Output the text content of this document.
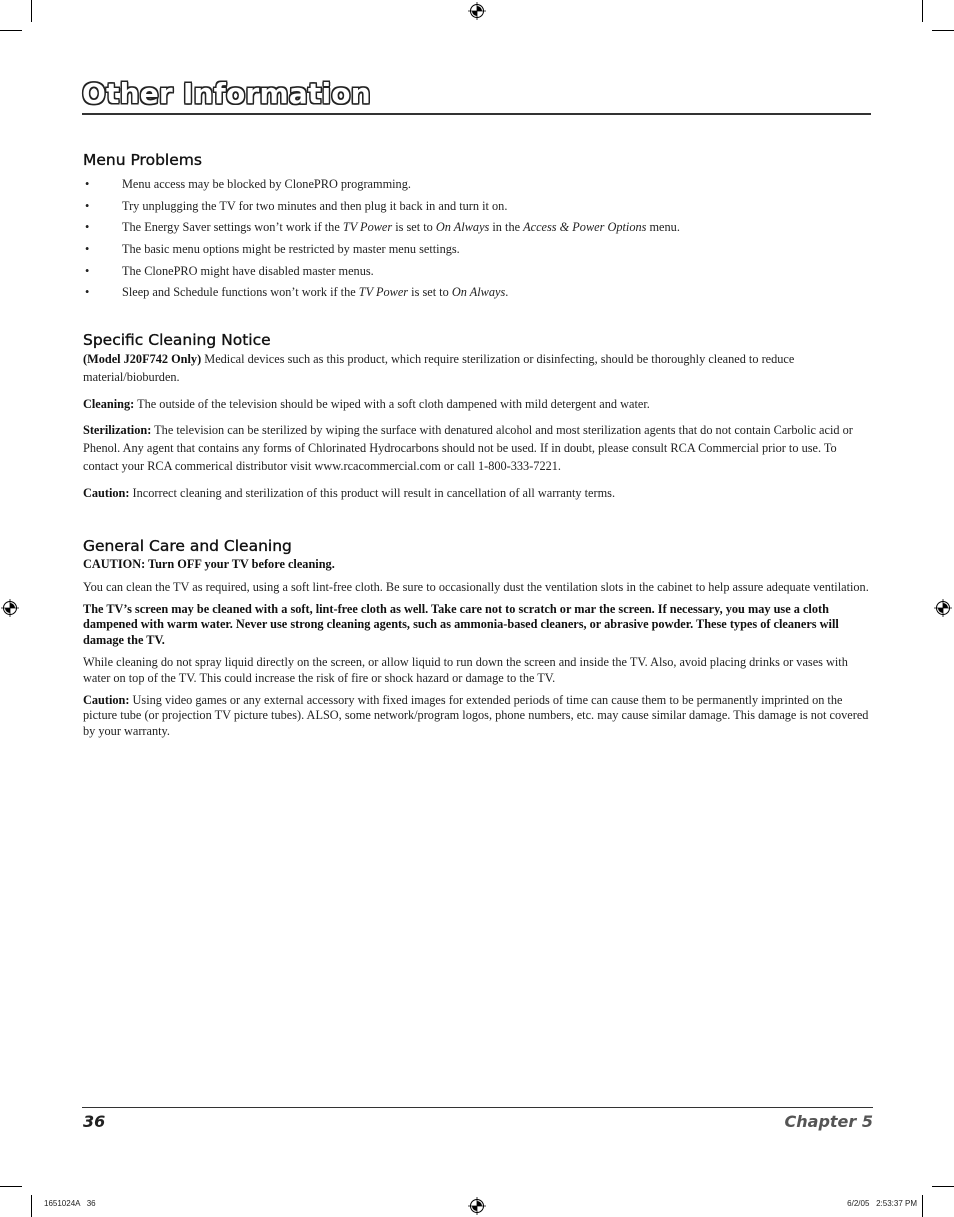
Other Information
Menu Problems
•	Menu access may be blocked by ClonePRO programming.
•	Try unplugging the TV for two minutes and then plug it back in and turn it on.
•	The Energy Saver settings won’t work if the TV Power is set to On Always in the Access & Power Options menu.
•	The basic menu options might be restricted by master menu settings.
•	The ClonePRO might have disabled master menus.
•	Sleep and Schedule functions won’t work if the TV Power is set to On Always.
Specific Cleaning Notice

(Model J20F742 Only) Medical devices such as this product, which require sterilization or disinfecting, should be thoroughly cleaned to reduce material/bioburden.

Cleaning: The outside of the television should be wiped with a soft cloth dampened with mild detergent and water.

Sterilization: The television can be sterilized by wiping the surface with denatured alcohol and most sterilization agents that do not contain Carbolic acid or Phenol. Any agent that contains any forms of Chlorinated Hydrocarbons should not be used. If in doubt, please consult RCA Commercial prior to use. To contact your RCA commerical distributor visit www.rcacommercial.com or call 1-800-333-7221.

Caution: Incorrect cleaning and sterilization of this product will result in cancellation of all warranty terms.

General Care and Cleaning

CAUTION: Turn OFF your TV before cleaning.

You can clean the TV as required, using a soft lint-free cloth. Be sure to occasionally dust the ventilation slots in the cabinet to help assure adequate ventilation.

The TV’s screen may be cleaned with a soft, lint-free cloth as well. Take care not to scratch or mar the screen. If necessary, you may use a cloth dampened with warm water. Never use strong cleaning agents, such as ammonia-based cleaners, or abrasive powder. These types of cleaners will damage the TV.

While cleaning do not spray liquid directly on the screen, or allow liquid to run down the screen and inside the TV. Also, avoid placing drinks or vases with water on top of the TV. This could increase the risk of fire or shock hazard or damage to the TV.

Caution: Using video games or any external accessory with fixed images for extended periods of time can cause them to be permanently imprinted on the picture tube (or projection TV picture tubes). ALSO, some network/program logos, phone numbers, etc. may cause similar damage. This damage is not covered by your warranty.

36	Chapter 5
1651024A   36	6/2/05   2:53:37 PM
